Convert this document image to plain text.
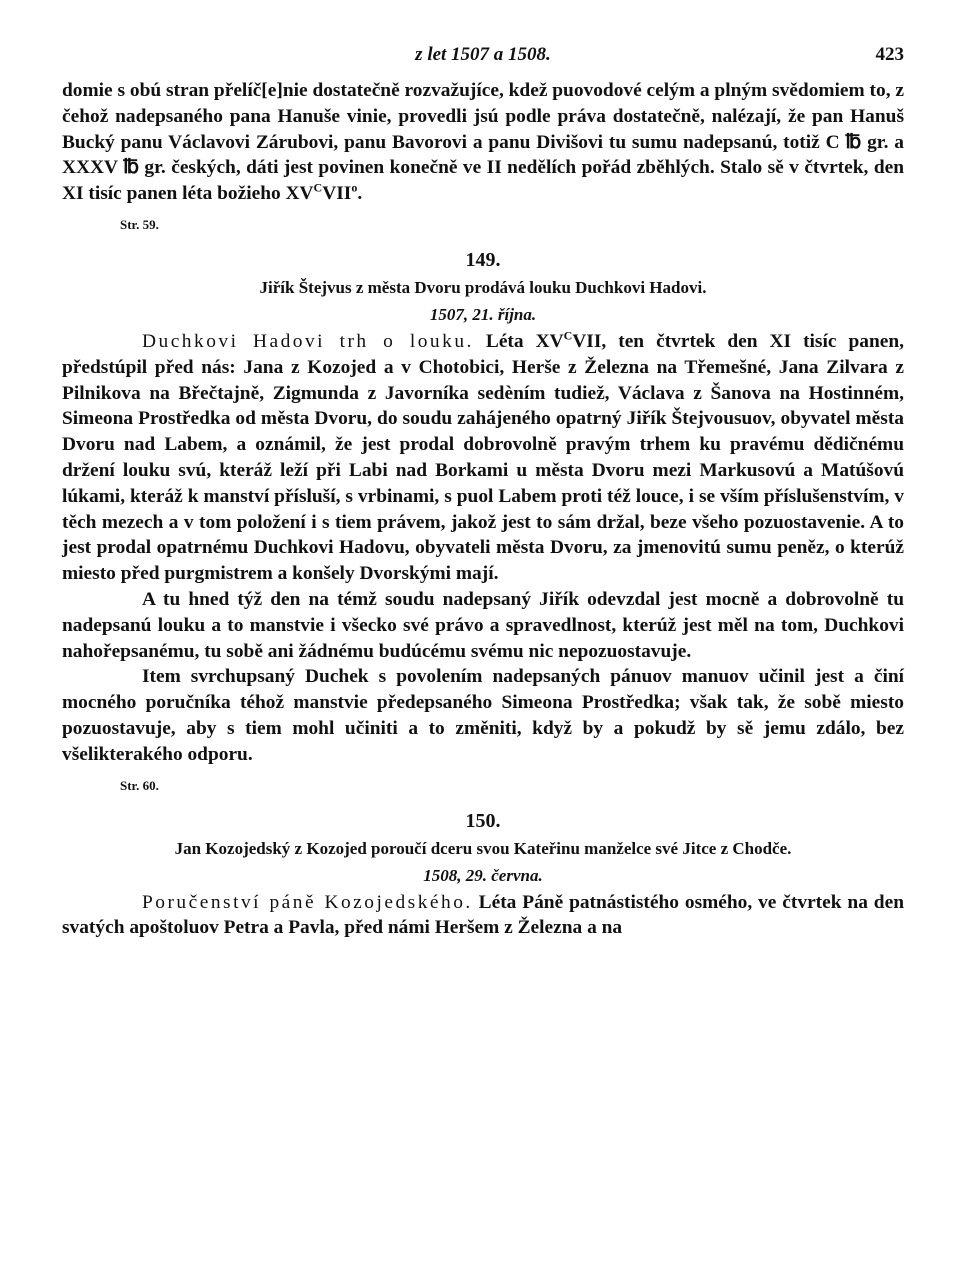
z let 1507 a 1508.	423

domie s obú stran přelíč[e]nie dostatečně rozvažujíce, kdež puovodové celým a plným svědomiem to, z čehož nadepsaného pana Hanuše vinie, provedli jsú podle práva dostatečně, nalézají, že pan Hanuš Bucký panu Václavovi Zárubovi, panu Bavorovi a panu Divišovi tu sumu nadepsanú, totiž C ℔ gr. a XXXV ℔ gr. českých, dáti jest povinen konečně ve II nedělích pořád zběhlých. Stalo sě v čtvrtek, den XI tisíc panen léta božieho $XV^CVII^o$.

Str. 59.
149.
Jiřík Štejvus z města Dvoru prodává louku Duchkovi Hadovi.
1507, 21. října.

Duchkovi Hadovi trh o louku. Léta $XV^CVII$, ten čtvrtek den XI tisíc panen, předstúpil před nás: Jana z Kozojed a v Chotobici, Herše z Železna na Třemešné, Jana Zilvara z Pilnikova na Břečtajně, Zigmunda z Javorníka sedèním tudiež, Václava z Šanova na Hostinném, Simeona Prostředka od města Dvoru, do soudu zahájeného opatrný Jiřík Štejvousuov, obyvatel města Dvoru nad Labem, a oznámil, že jest prodal dobrovolně pravým trhem ku pravému dědičnému držení louku svú, kteráž leží při Labi nad Borkami u města Dvoru mezi Markusovú a Matúšovú lúkami, kteráž k manství přísluší, s vrbinami, s puol Labem proti též louce, i se vším příslušenstvím, v těch mezech a v tom položení i s tiem právem, jakož jest to sám držal, beze všeho pozuostavenie. A to jest prodal opatrnému Duchkovi Hadovu, obyvateli města Dvoru, za jmenovitú sumu peněz, o kterúž miesto před purgmistrem a konšely Dvorskými mají.

A tu hned týž den na témž soudu nadepsaný Jiřík odevzdal jest mocně a dobrovolně tu nadepsanú louku a to manstvie i všecko své právo a spravedlnost, kterúž jest měl na tom, Duchkovi nahořepsanému, tu sobě ani žádnému budúcému svému nic nepozuostavuje.

Item svrchupsaný Duchek s povolením nadepsaných pánuov manuov učinil jest a činí mocného poručníka téhož manstvie předepsaného Simeona Prostředka; však tak, že sobě miesto pozuostavuje, aby s tiem mohl učiniti a to změniti, když by a pokudž by sě jemu zdálo, bez všelikterakého odporu.

Str. 60.
150.
Jan Kozojedský z Kozojed poroučí dceru svou Kateřinu manželce své Jitce z Chodče.
1508, 29. června.

Poručenství páně Kozojedského. Léta Páně patnástistého osmého, ve čtvrtek na den svatých apoštoluov Petra a Pavla, před námi Heršem z Železna a na
